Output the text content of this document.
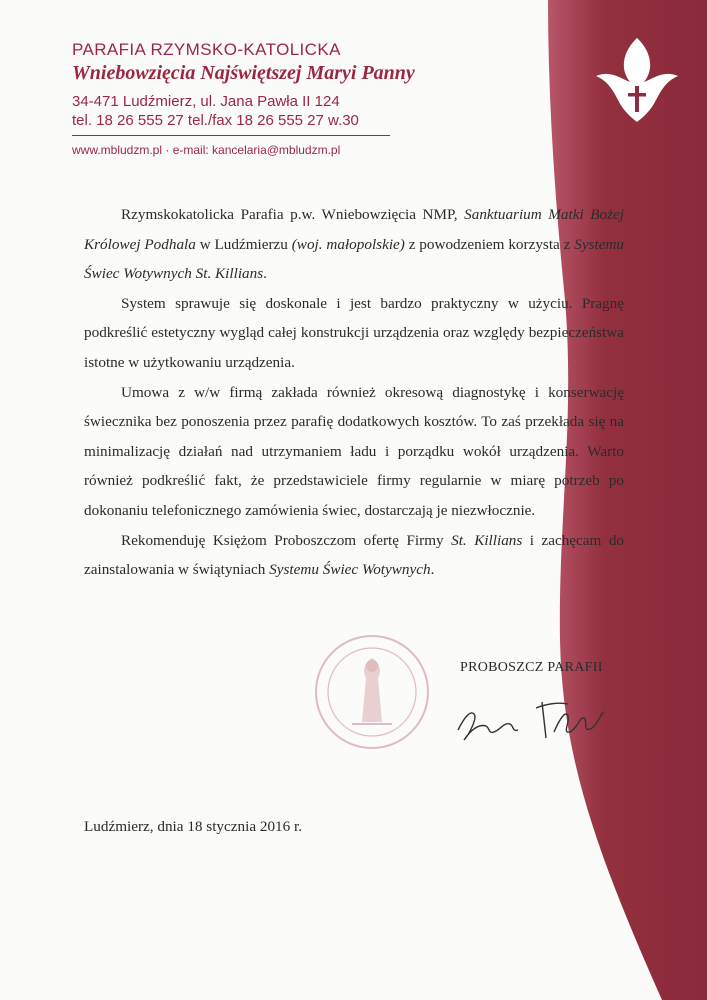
PARAFIA RZYMSKO-KATOLICKA

Wniebowzięcia Najświętszej Maryi Panny

34-471 Ludźmierz, ul. Jana Pawła II 124

tel. 18 26 555 27 tel./fax 18 26 555 27 w.30

www.mbludzm.pl · e-mail: kancelaria@mbludzm.pl

Rzymskokatolicka Parafia p.w. Wniebowzięcia NMP, Sanktuarium Matki Bożej Królowej Podhala w Ludźmierzu (woj. małopolskie) z powodzeniem korzysta z Systemu Świec Wotywnych St. Killians.

System sprawuje się doskonale i jest bardzo praktyczny w użyciu. Pragnę podkreślić estetyczny wygląd całej konstrukcji urządzenia oraz względy bezpieczeństwa istotne w użytkowaniu urządzenia.

Umowa z w/w firmą zakłada również okresową diagnostykę i konserwację świecznika bez ponoszenia przez parafię dodatkowych kosztów. To zaś przekłada się na minimalizację działań nad utrzymaniem ładu i porządku wokół urządzenia. Warto również podkreślić fakt, że przedstawiciele firmy regularnie w miarę potrzeb po dokonaniu telefonicznego zamówienia świec, dostarczają je niezwłocznie.

Rekomenduję Księżom Proboszczom ofertę Firmy St. Killians i zachęcam do zainstalowania w świątyniach Systemu Świec Wotywnych.

PROBOSZCZ PARAFII
Ludźmierz, dnia 18 stycznia 2016 r.
